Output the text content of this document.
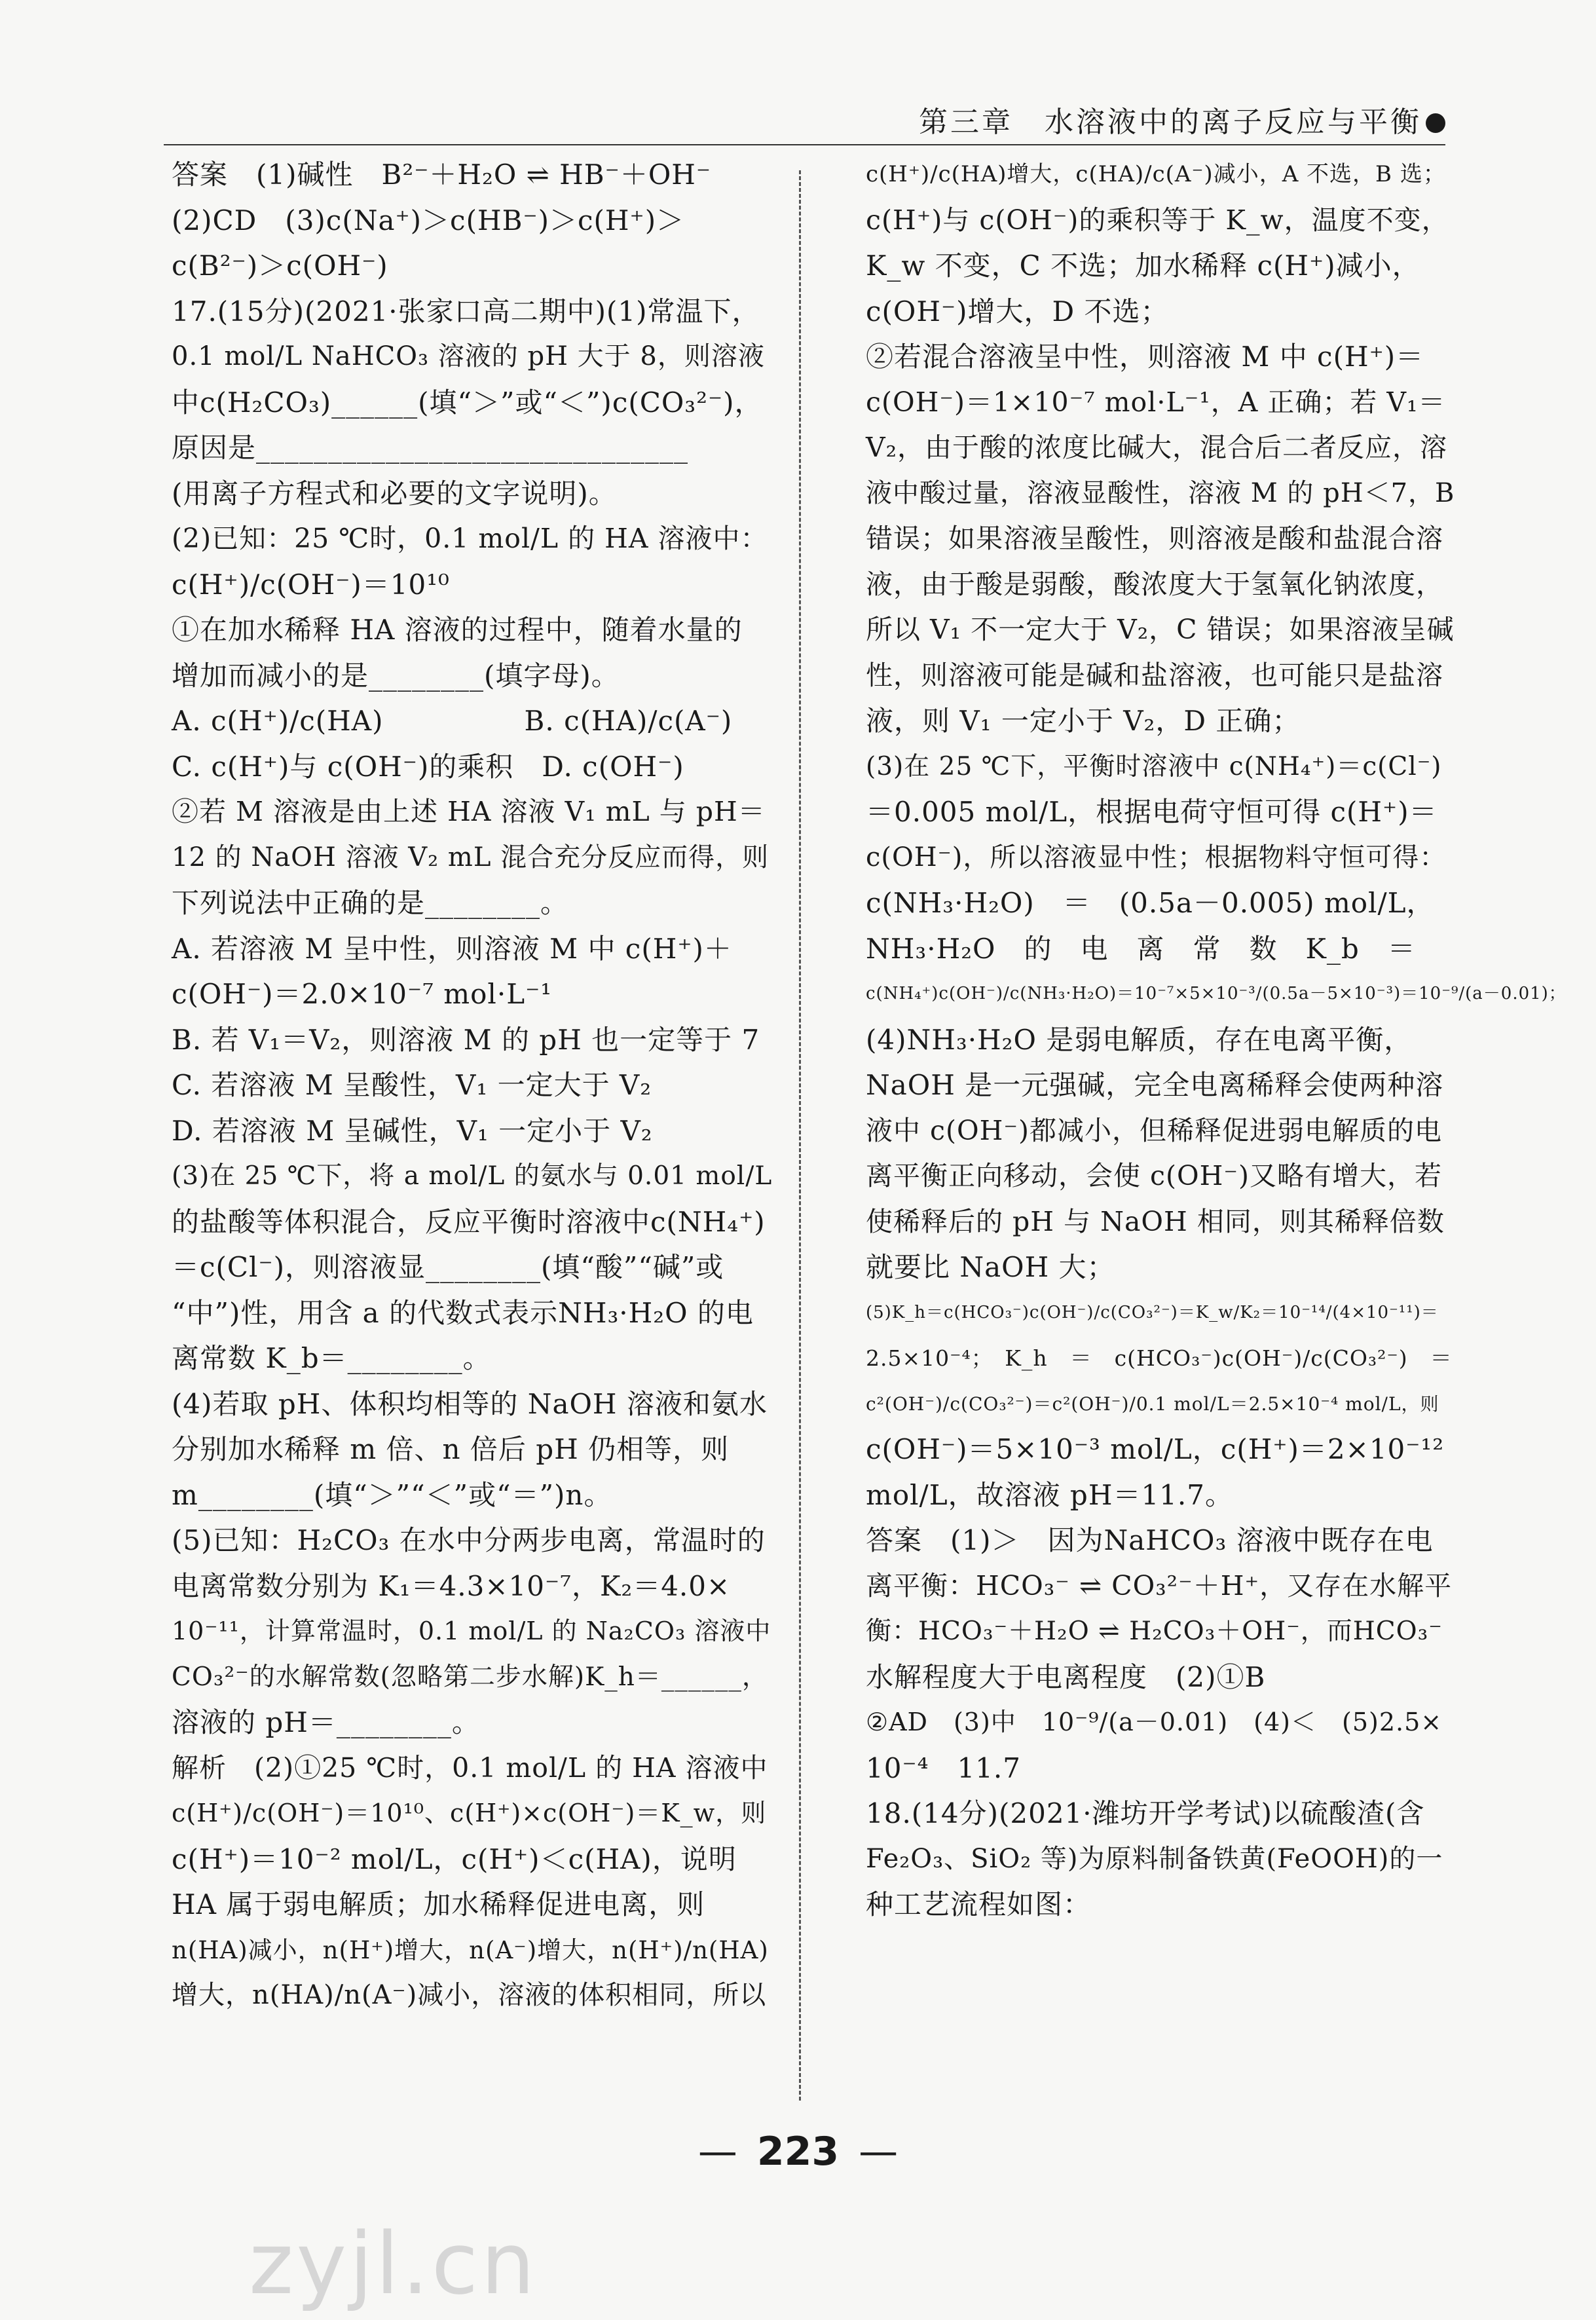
第三章　水溶液中的离子反应与平衡
答案　(1)碱性　B²⁻＋H₂O ⇌ HB⁻＋OH⁻
(2)CD　(3)c(Na⁺)＞c(HB⁻)＞c(H⁺)＞
c(B²⁻)＞c(OH⁻)
17.(15分)(2021·张家口高二期中)(1)常温下，
0.1 mol/L NaHCO₃ 溶液的 pH 大于 8，则溶液
中c(H₂CO₃)______(填“＞”或“＜”)c(CO₃²⁻)，
原因是______________________________
(用离子方程式和必要的文字说明)。
(2)已知：25 ℃时，0.1 mol/L 的 HA 溶液中：
c(H⁺)/c(OH⁻)＝10¹⁰
①在加水稀释 HA 溶液的过程中，随着水量的
增加而减小的是________(填字母)。
A. c(H⁺)/c(HA)　　　　　B. c(HA)/c(A⁻)
C. c(H⁺)与 c(OH⁻)的乘积　D. c(OH⁻)
②若 M 溶液是由上述 HA 溶液 V₁ mL 与 pH＝
12 的 NaOH 溶液 V₂ mL 混合充分反应而得，则
下列说法中正确的是________。
A. 若溶液 M 呈中性，则溶液 M 中 c(H⁺)＋
c(OH⁻)＝2.0×10⁻⁷ mol·L⁻¹
B. 若 V₁＝V₂，则溶液 M 的 pH 也一定等于 7
C. 若溶液 M 呈酸性，V₁ 一定大于 V₂
D. 若溶液 M 呈碱性，V₁ 一定小于 V₂
(3)在 25 ℃下，将 a mol/L 的氨水与 0.01 mol/L
的盐酸等体积混合，反应平衡时溶液中c(NH₄⁺)
＝c(Cl⁻)，则溶液显________(填“酸”“碱”或
“中”)性，用含 a 的代数式表示NH₃·H₂O 的电
离常数 K_b＝________。
(4)若取 pH、体积均相等的 NaOH 溶液和氨水
分别加水稀释 m 倍、n 倍后 pH 仍相等，则
m________(填“＞”“＜”或“＝”)n。
(5)已知：H₂CO₃ 在水中分两步电离，常温时的
电离常数分别为 K₁＝4.3×10⁻⁷，K₂＝4.0×
10⁻¹¹，计算常温时，0.1 mol/L 的 Na₂CO₃ 溶液中
CO₃²⁻的水解常数(忽略第二步水解)K_h＝______，
溶液的 pH＝________。
解析　(2)①25 ℃时，0.1 mol/L 的 HA 溶液中
c(H⁺)/c(OH⁻)＝10¹⁰、c(H⁺)×c(OH⁻)＝K_w，则
c(H⁺)＝10⁻² mol/L，c(H⁺)＜c(HA)，说明
HA 属于弱电解质；加水稀释促进电离，则
n(HA)减小，n(H⁺)增大，n(A⁻)增大，n(H⁺)/n(HA)
增大，n(HA)/n(A⁻)减小，溶液的体积相同，所以
c(H⁺)/c(HA)增大，c(HA)/c(A⁻)减小，A 不选，B 选；
c(H⁺)与 c(OH⁻)的乘积等于 K_w，温度不变，
K_w 不变，C 不选；加水稀释 c(H⁺)减小，
c(OH⁻)增大，D 不选；
②若混合溶液呈中性，则溶液 M 中 c(H⁺)＝
c(OH⁻)＝1×10⁻⁷ mol·L⁻¹，A 正确；若 V₁＝
V₂，由于酸的浓度比碱大，混合后二者反应，溶
液中酸过量，溶液显酸性，溶液 M 的 pH＜7，B
错误；如果溶液呈酸性，则溶液是酸和盐混合溶
液，由于酸是弱酸，酸浓度大于氢氧化钠浓度，
所以 V₁ 不一定大于 V₂，C 错误；如果溶液呈碱
性，则溶液可能是碱和盐溶液，也可能只是盐溶
液，则 V₁ 一定小于 V₂，D 正确；
(3)在 25 ℃下，平衡时溶液中 c(NH₄⁺)＝c(Cl⁻)
＝0.005 mol/L，根据电荷守恒可得 c(H⁺)＝
c(OH⁻)，所以溶液显中性；根据物料守恒可得：
c(NH₃·H₂O)　＝　(0.5a－0.005) mol/L，
NH₃·H₂O　的　电　离　常　数　K_b　＝
c(NH₄⁺)c(OH⁻)/c(NH₃·H₂O)＝10⁻⁷×5×10⁻³/(0.5a－5×10⁻³)＝10⁻⁹/(a－0.01)；
(4)NH₃·H₂O 是弱电解质，存在电离平衡，
NaOH 是一元强碱，完全电离稀释会使两种溶
液中 c(OH⁻)都减小，但稀释促进弱电解质的电
离平衡正向移动，会使 c(OH⁻)又略有增大，若
使稀释后的 pH 与 NaOH 相同，则其稀释倍数
就要比 NaOH 大；
(5)K_h＝c(HCO₃⁻)c(OH⁻)/c(CO₃²⁻)＝K_w/K₂＝10⁻¹⁴/(4×10⁻¹¹)＝
2.5×10⁻⁴；　K_h　＝　c(HCO₃⁻)c(OH⁻)/c(CO₃²⁻)　＝
c²(OH⁻)/c(CO₃²⁻)＝c²(OH⁻)/0.1 mol/L＝2.5×10⁻⁴ mol/L，则
c(OH⁻)＝5×10⁻³ mol/L，c(H⁺)＝2×10⁻¹²
mol/L，故溶液 pH＝11.7。
答案　(1)＞　因为NaHCO₃ 溶液中既存在电
离平衡：HCO₃⁻ ⇌ CO₃²⁻＋H⁺，又存在水解平
衡：HCO₃⁻＋H₂O ⇌ H₂CO₃＋OH⁻，而HCO₃⁻
水解程度大于电离程度　(2)①B
②AD　(3)中　10⁻⁹/(a－0.01)　(4)＜　(5)2.5×
10⁻⁴　11.7
18.(14分)(2021·潍坊开学考试)以硫酸渣(含
Fe₂O₃、SiO₂ 等)为原料制备铁黄(FeOOH)的一
种工艺流程如图：
— 223 —
zyjl.cn
